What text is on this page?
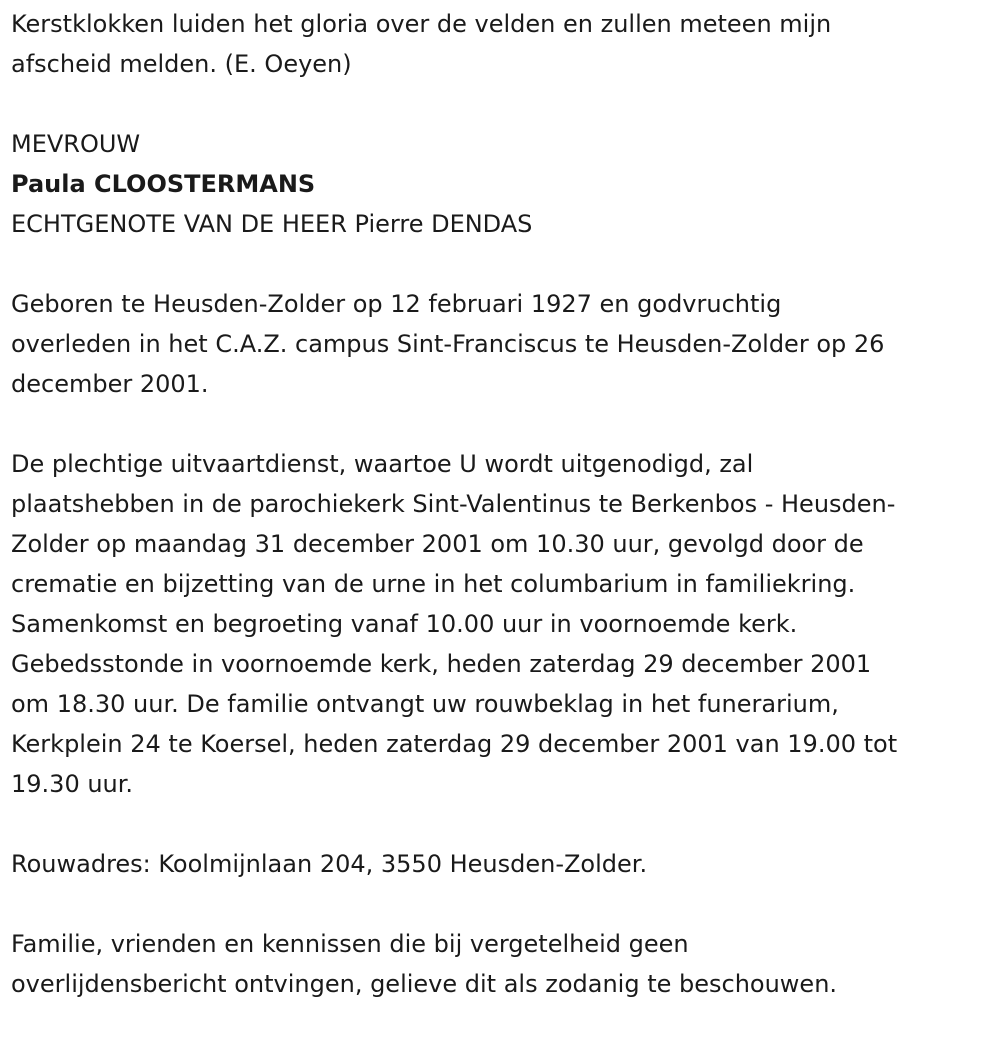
Kerstklokken luiden het gloria over de velden en zullen meteen mijn
afscheid melden. (E. Oeyen)

MEVROUW
Paula CLOOSTERMANS
ECHTGENOTE VAN DE HEER Pierre DENDAS

Geboren te Heusden-Zolder op 12 februari 1927 en godvruchtig
overleden in het C.A.Z. campus Sint-Franciscus te Heusden-Zolder op 26
december 2001.

De plechtige uitvaartdienst, waartoe U wordt uitgenodigd, zal
plaatshebben in de parochiekerk Sint-Valentinus te Berkenbos - Heusden-
Zolder op maandag 31 december 2001 om 10.30 uur, gevolgd door de
crematie en bijzetting van de urne in het columbarium in familiekring.
Samenkomst en begroeting vanaf 10.00 uur in voornoemde kerk.
Gebedsstonde in voornoemde kerk, heden zaterdag 29 december 2001
om 18.30 uur. De familie ontvangt uw rouwbeklag in het funerarium,
Kerkplein 24 te Koersel, heden zaterdag 29 december 2001 van 19.00 tot
19.30 uur.

Rouwadres: Koolmijnlaan 204, 3550 Heusden-Zolder.

Familie, vrienden en kennissen die bij vergetelheid geen
overlijdensbericht ontvingen, gelieve dit als zodanig te beschouwen.
